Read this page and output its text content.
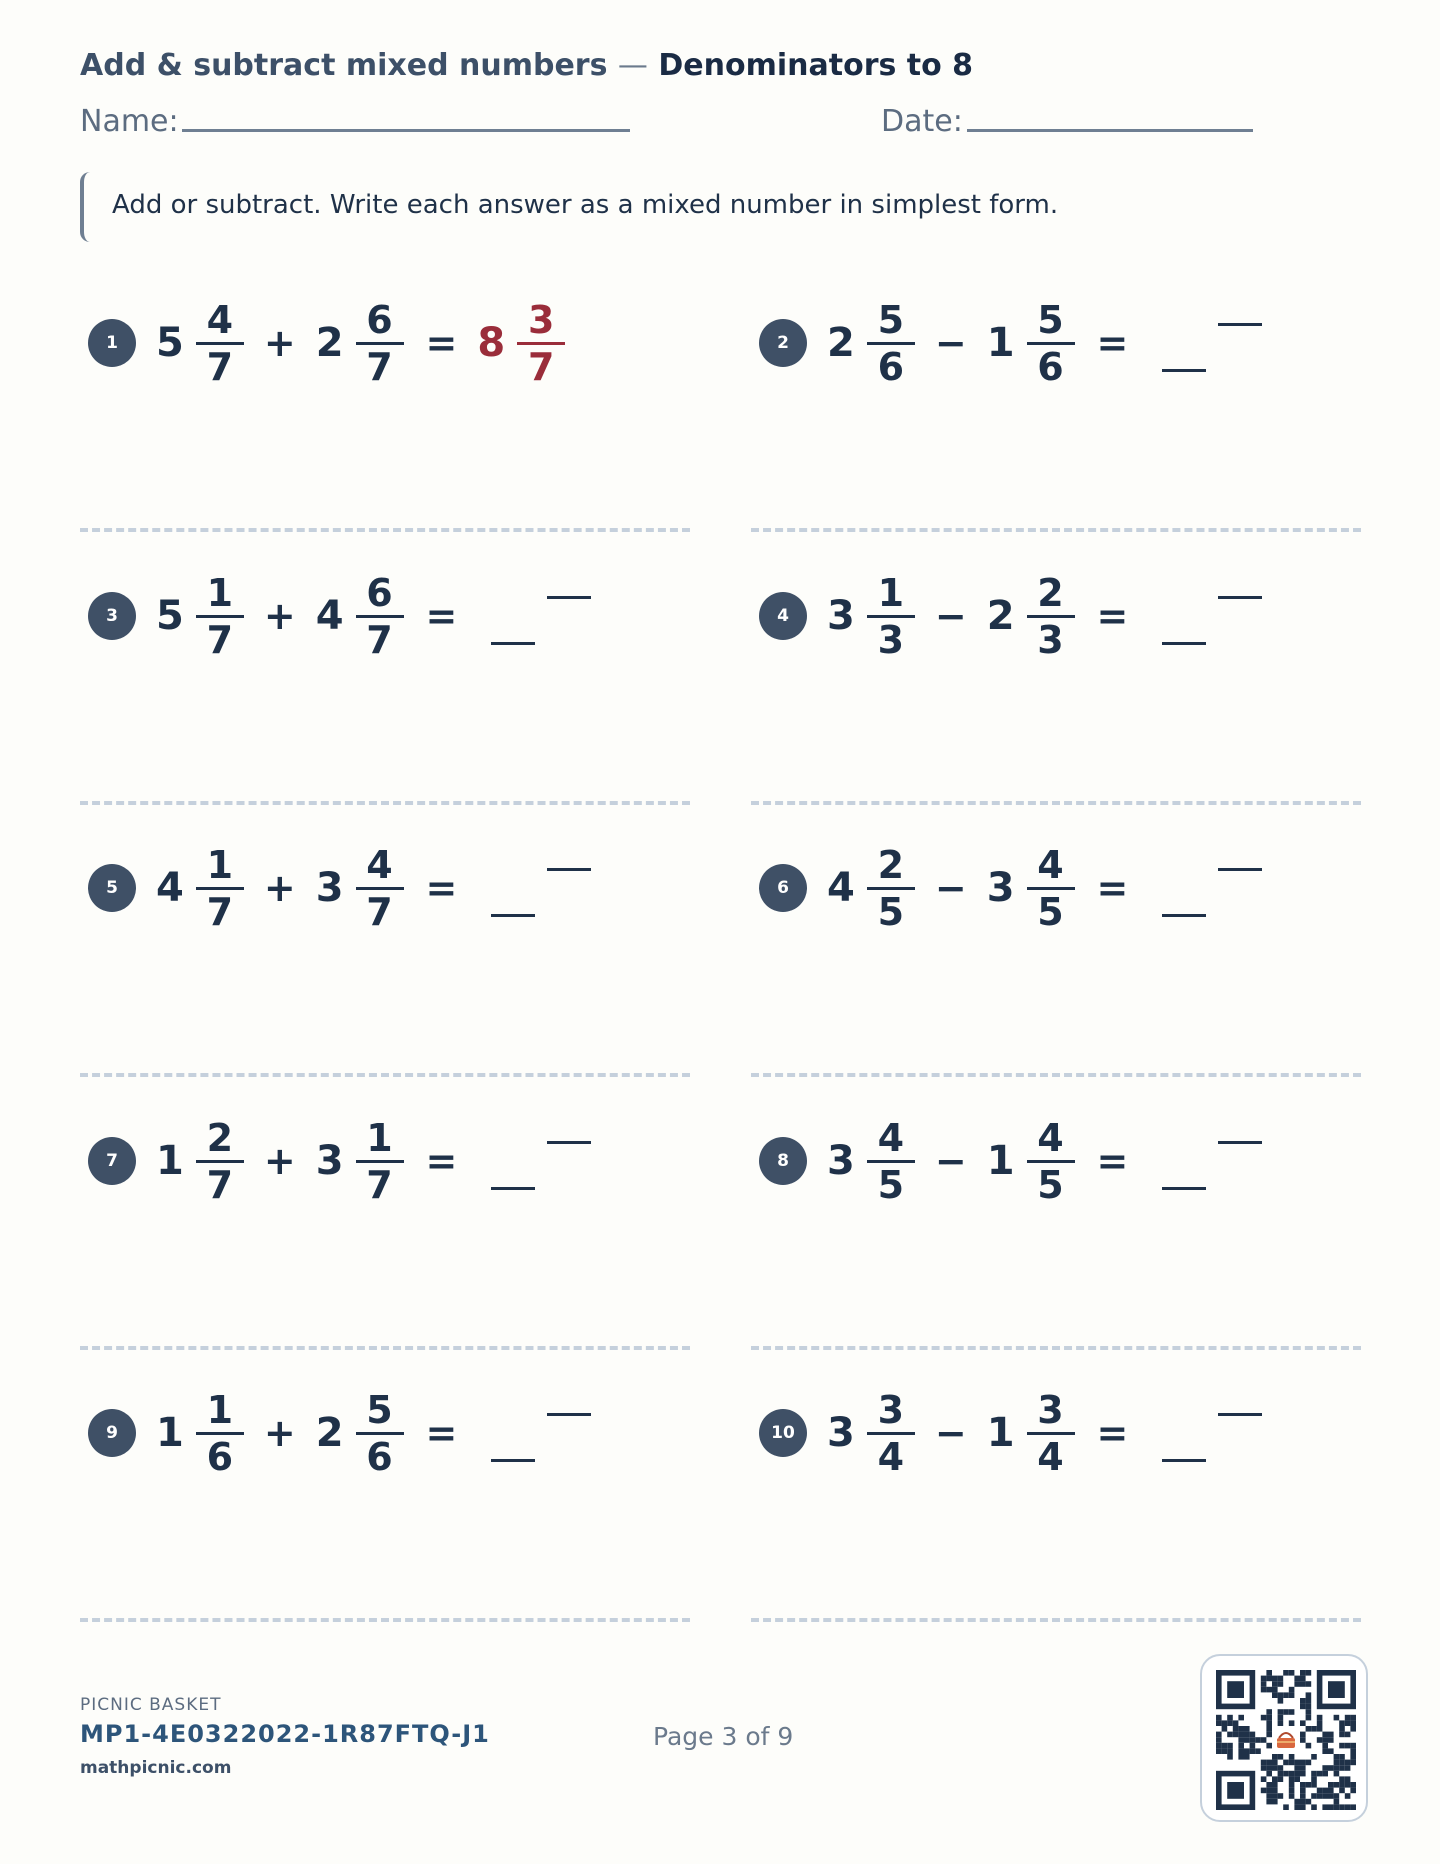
Add & subtract mixed numbers — Denominators to 8
Name:	Date:
Add or subtract. Write each answer as a mixed number in simplest form.
1 $5 \frac{4}{7} + 2 \frac{6}{7} = 8 \frac{3}{7}$	2 $2 \frac{5}{6} - 1 \frac{5}{6}$ =
3 $5 \frac{1}{7} + 4 \frac{6}{7}$ =	4 $3 \frac{1}{3} - 2 \frac{2}{3}$ =
5 $4 \frac{1}{7} + 3 \frac{4}{7}$ =	6 $4 \frac{2}{5} - 3 \frac{4}{5}$ =
7 $1 \frac{2}{7} + 3 \frac{1}{7}$ =	8 $3 \frac{4}{5} - 1 \frac{4}{5}$ =
9 $1 \frac{1}{6} + 2 \frac{5}{6}$ =	10 $3 \frac{3}{4} - 1 \frac{3}{4}$ =
PICNIC BASKET
MP1-4E0322022-1R87FTQ-J1
mathpicnic.com
Page 3 of 9
